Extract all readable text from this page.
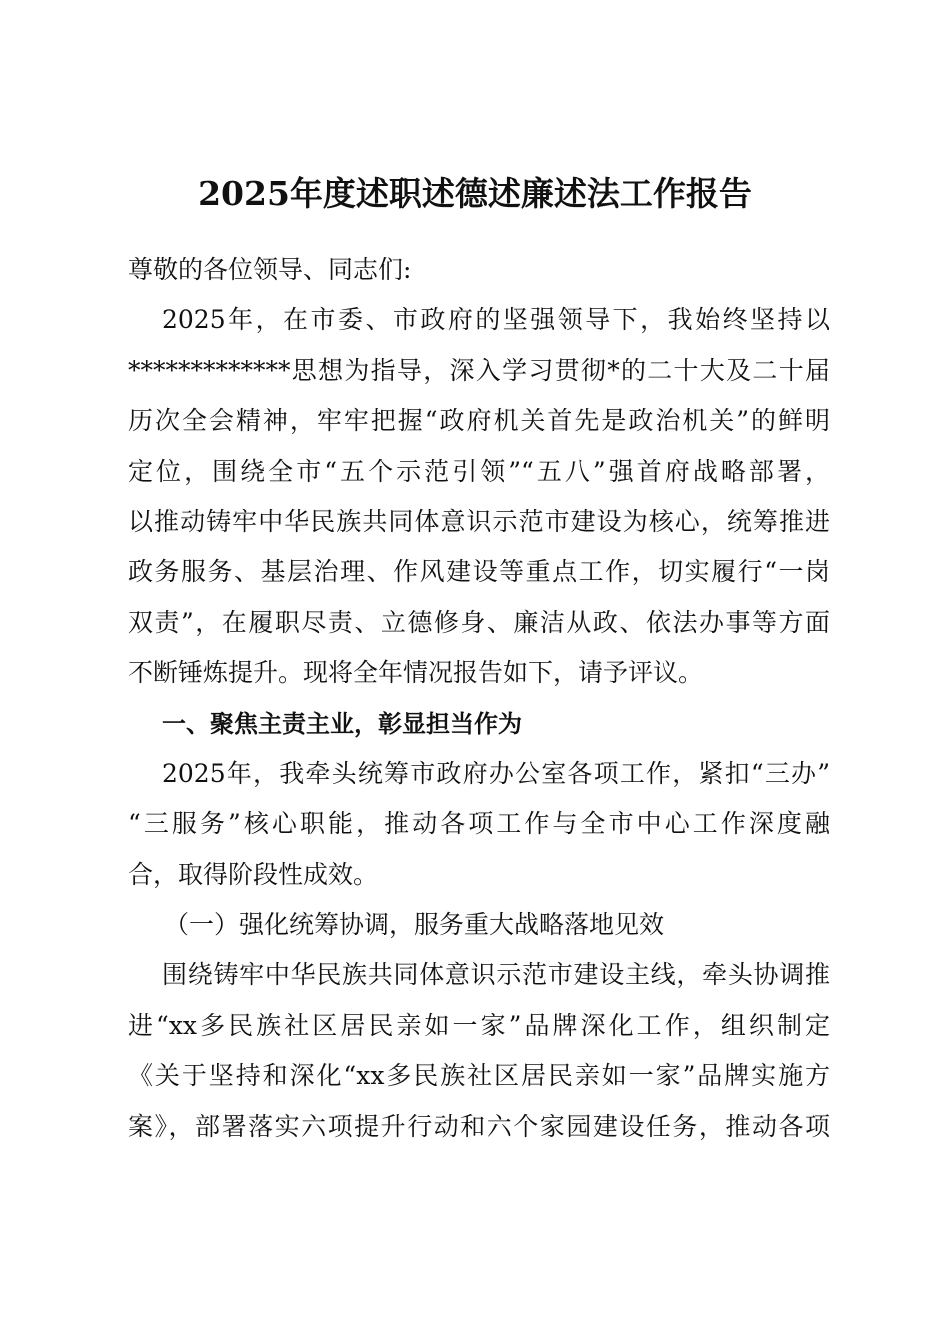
2025年度述职述德述廉述法工作报告
尊敬的各位领导、同志们:
2025年，在市委、市政府的坚强领导下，我始终坚持以
*************思想为指导，深入学习贯彻*的二十大及二十届
历次全会精神，牢牢把握“政府机关首先是政治机关”的鲜明
定位，围绕全市“五个示范引领”“五八”强首府战略部署，
以推动铸牢中华民族共同体意识示范市建设为核心，统筹推进
政务服务、基层治理、作风建设等重点工作，切实履行“一岗
双责”，在履职尽责、立德修身、廉洁从政、依法办事等方面
不断锤炼提升。现将全年情况报告如下，请予评议。
一、聚焦主责主业，彰显担当作为
2025年，我牵头统筹市政府办公室各项工作，紧扣“三办”
“三服务”核心职能，推动各项工作与全市中心工作深度融
合，取得阶段性成效。
（一）强化统筹协调，服务重大战略落地见效
围绕铸牢中华民族共同体意识示范市建设主线，牵头协调推
进“xx多民族社区居民亲如一家”品牌深化工作，组织制定
《关于坚持和深化“xx多民族社区居民亲如一家”品牌实施方
案》，部署落实六项提升行动和六个家园建设任务，推动各项
